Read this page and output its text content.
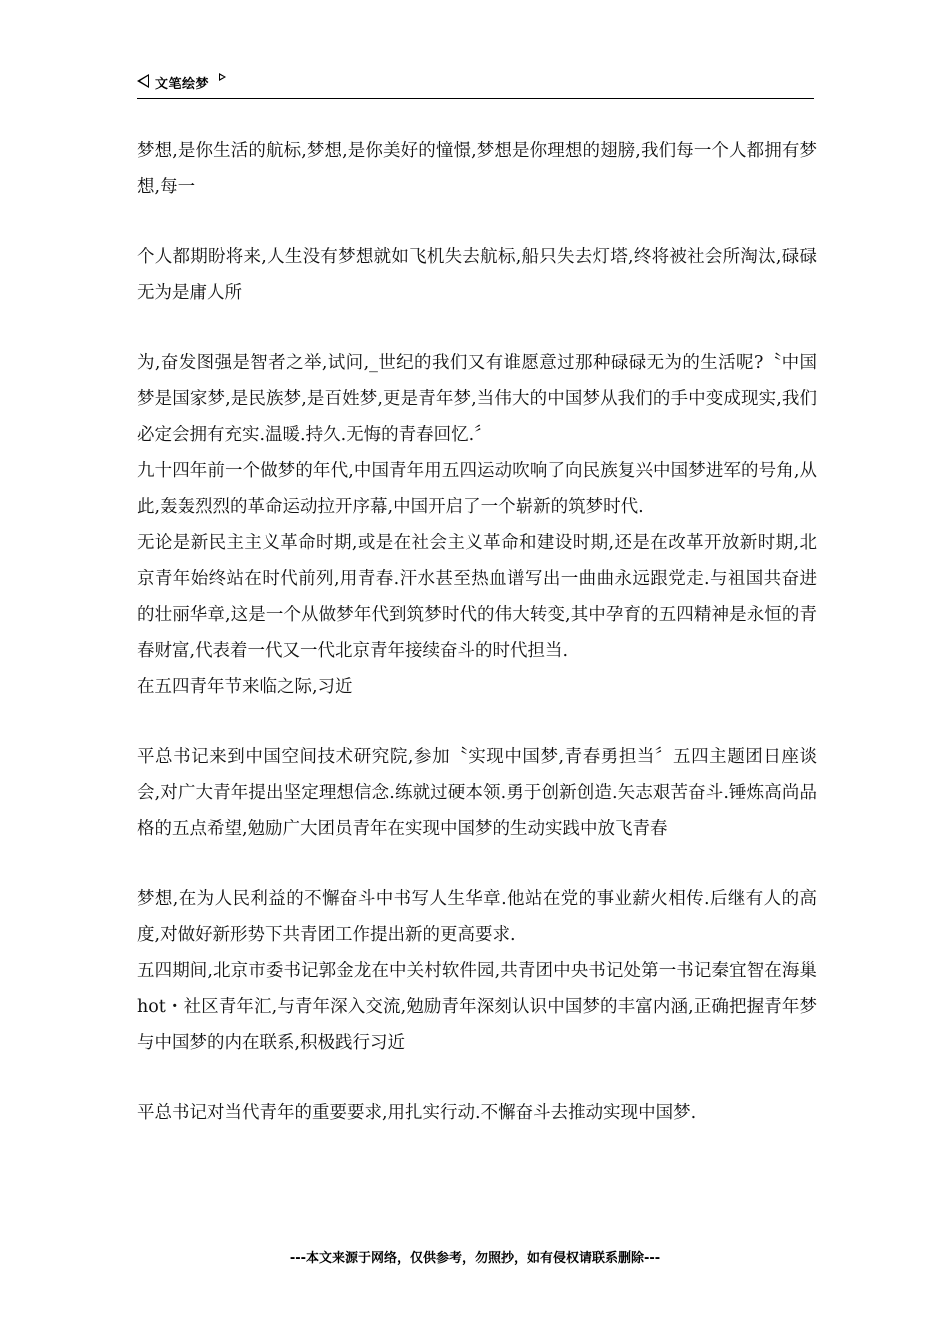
文笔绘梦

梦想,是你生活的航标,梦想,是你美好的憧憬,梦想是你理想的翅膀,我们每一个人都拥有梦想,每一

个人都期盼将来,人生没有梦想就如飞机失去航标,船只失去灯塔,终将被社会所淘汰,碌碌无为是庸人所

为,奋发图强是智者之举,试问,_世纪的我们又有谁愿意过那种碌碌无为的生活呢?〝中国梦是国家梦,是民族梦,是百姓梦,更是青年梦,当伟大的中国梦从我们的手中变成现实,我们必定会拥有充实.温暖.持久.无悔的青春回忆.〞

九十四年前一个做梦的年代,中国青年用五四运动吹响了向民族复兴中国梦进军的号角,从此,轰轰烈烈的革命运动拉开序幕,中国开启了一个崭新的筑梦时代.

无论是新民主主义革命时期,或是在社会主义革命和建设时期,还是在改革开放新时期,北京青年始终站在时代前列,用青春.汗水甚至热血谱写出一曲曲永远跟党走.与祖国共奋进的壮丽华章,这是一个从做梦年代到筑梦时代的伟大转变,其中孕育的五四精神是永恒的青春财富,代表着一代又一代北京青年接续奋斗的时代担当.

在五四青年节来临之际,习近

平总书记来到中国空间技术研究院,参加〝实现中国梦,青春勇担当〞五四主题团日座谈会,对广大青年提出坚定理想信念.练就过硬本领.勇于创新创造.矢志艰苦奋斗.锤炼高尚品格的五点希望,勉励广大团员青年在实现中国梦的生动实践中放飞青春

梦想,在为人民利益的不懈奋斗中书写人生华章.他站在党的事业薪火相传.后继有人的高度,对做好新形势下共青团工作提出新的更高要求.

五四期间,北京市委书记郭金龙在中关村软件园,共青团中央书记处第一书记秦宜智在海巢hot・社区青年汇,与青年深入交流,勉励青年深刻认识中国梦的丰富内涵,正确把握青年梦与中国梦的内在联系,积极践行习近

平总书记对当代青年的重要要求,用扎实行动.不懈奋斗去推动实现中国梦.

---本文来源于网络，仅供参考，勿照抄，如有侵权请联系删除---
